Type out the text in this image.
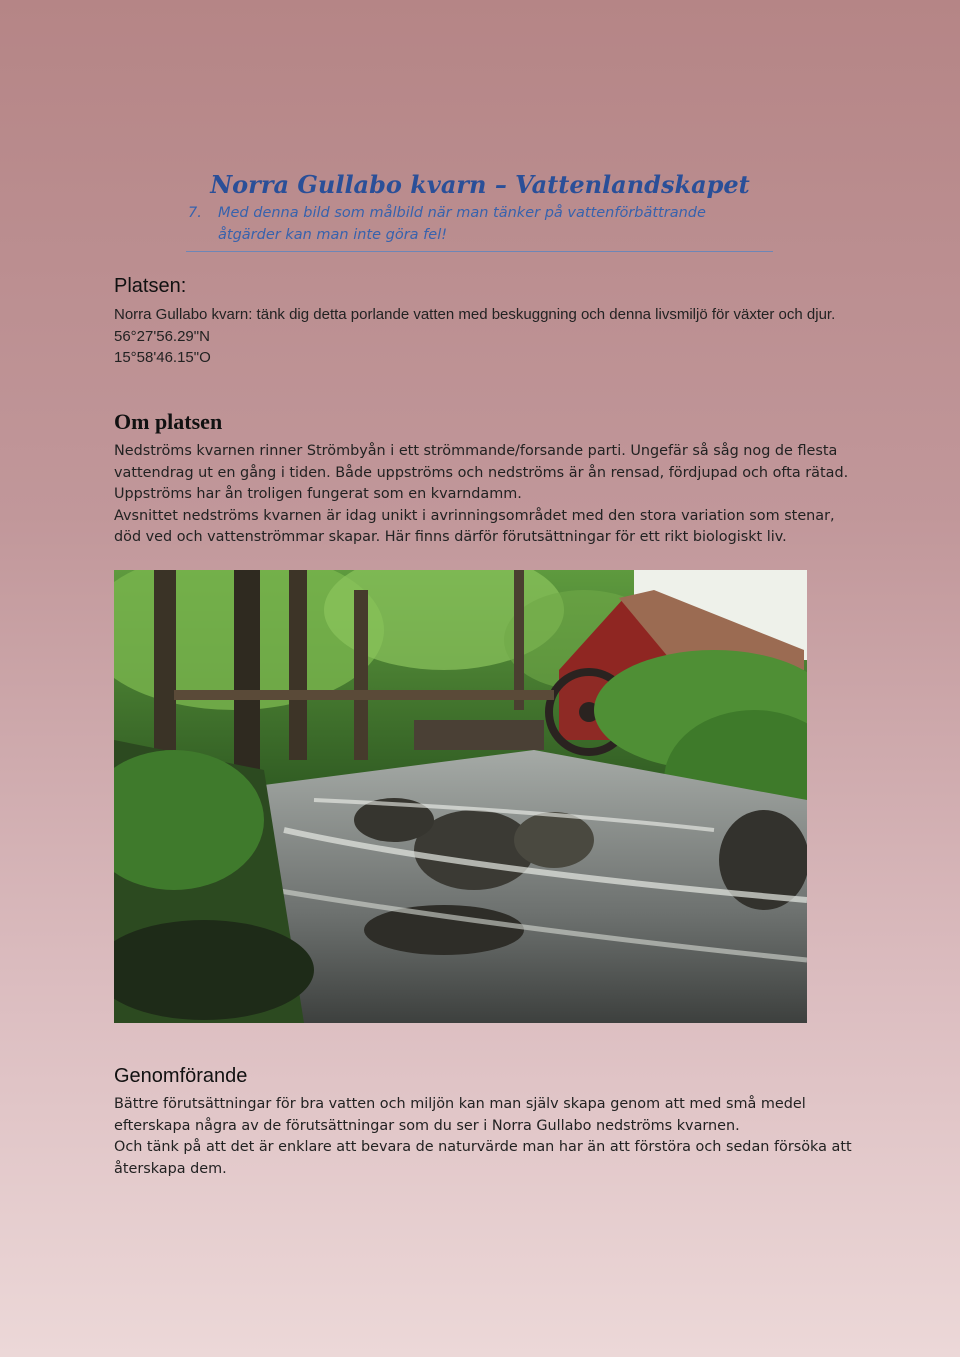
Norra Gullabo kvarn – Vattenlandskapet
7. Med denna bild som målbild när man tänker på vattenförbättrande åtgärder kan man inte göra fel!
Platsen:
Norra Gullabo kvarn: tänk dig detta porlande vatten med beskuggning och denna livsmiljö för växter och djur.
56°27'56.29"N
15°58'46.15"O
Om platsen
Nedströms kvarnen rinner Strömbyån i ett strömmande/forsande parti. Ungefär så såg nog de flesta vattendrag ut en gång i tiden. Både uppströms och nedströms är ån rensad, fördjupad och ofta rätad. Uppströms har ån troligen fungerat som en kvarndamm.
Avsnittet nedströms kvarnen är idag unikt i avrinningsområdet med den stora variation som stenar, död ved och vattenströmmar skapar. Här finns därför förutsättningar för ett rikt biologiskt liv.
Genomförande
Bättre förutsättningar för bra vatten och miljön kan man själv skapa genom att med små medel efterskapa några av de förutsättningar som du ser i Norra Gullabo nedströms kvarnen.
Och tänk på att det är enklare att bevara de naturvärde man har än att förstöra och sedan försöka att återskapa dem.
